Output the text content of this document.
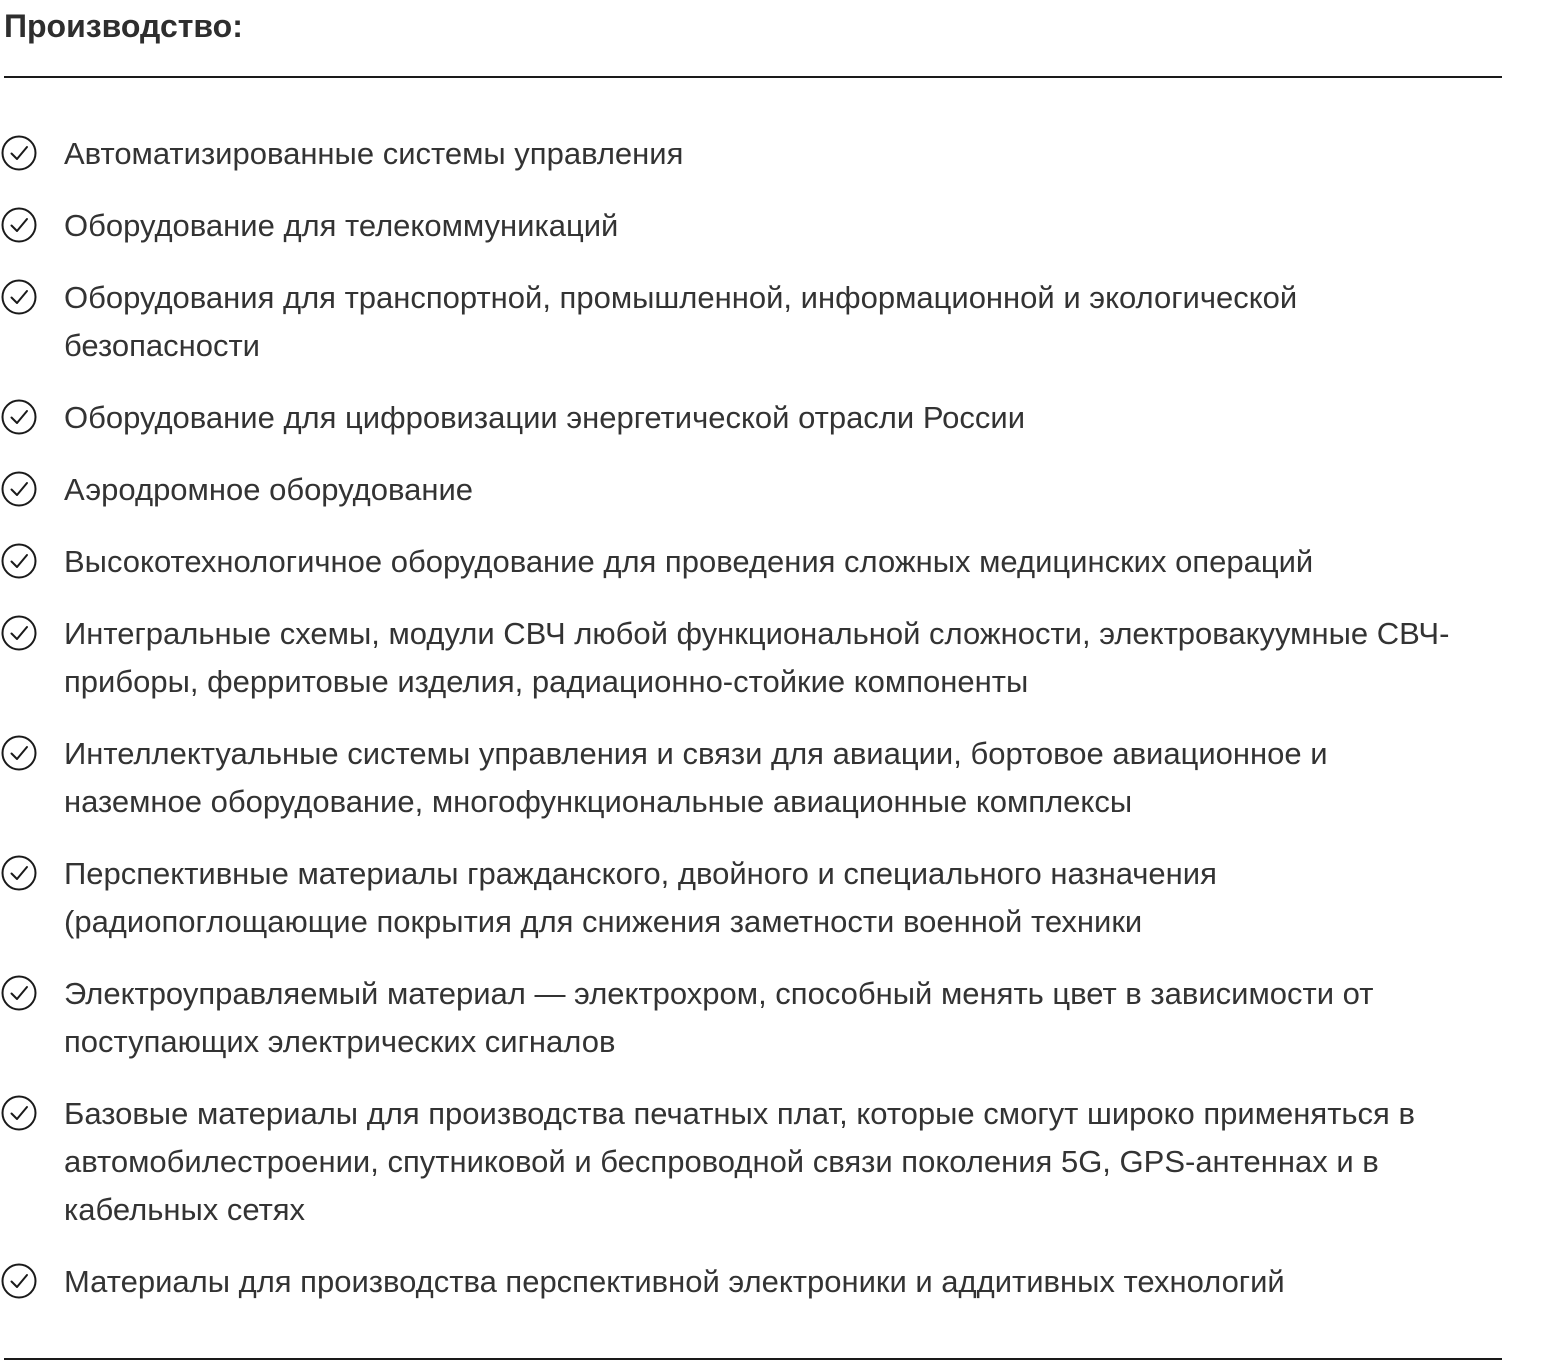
Производство:
Автоматизированные системы управления
Оборудование для телекоммуникаций
Оборудования для транспортной, промышленной, информационной и экологической
безопасности
Оборудование для цифровизации энергетической отрасли России
Аэродромное оборудование
Высокотехнологичное оборудование для проведения сложных медицинских операций
Интегральные схемы, модули СВЧ любой функциональной сложности, электровакуумные СВЧ-
приборы, ферритовые изделия, радиационно-стойкие компоненты
Интеллектуальные системы управления и связи для авиации, бортовое авиационное и
наземное оборудование, многофункциональные авиационные комплексы
Перспективные материалы гражданского, двойного и специального назначения
(радиопоглощающие покрытия для снижения заметности военной техники
Электроуправляемый материал — электрохром, способный менять цвет в зависимости от
поступающих электрических сигналов
Базовые материалы для производства печатных плат, которые смогут широко применяться в
автомобилестроении, спутниковой и беспроводной связи поколения 5G, GPS-антеннах и в
кабельных сетях
Материалы для производства перспективной электроники и аддитивных технологий
